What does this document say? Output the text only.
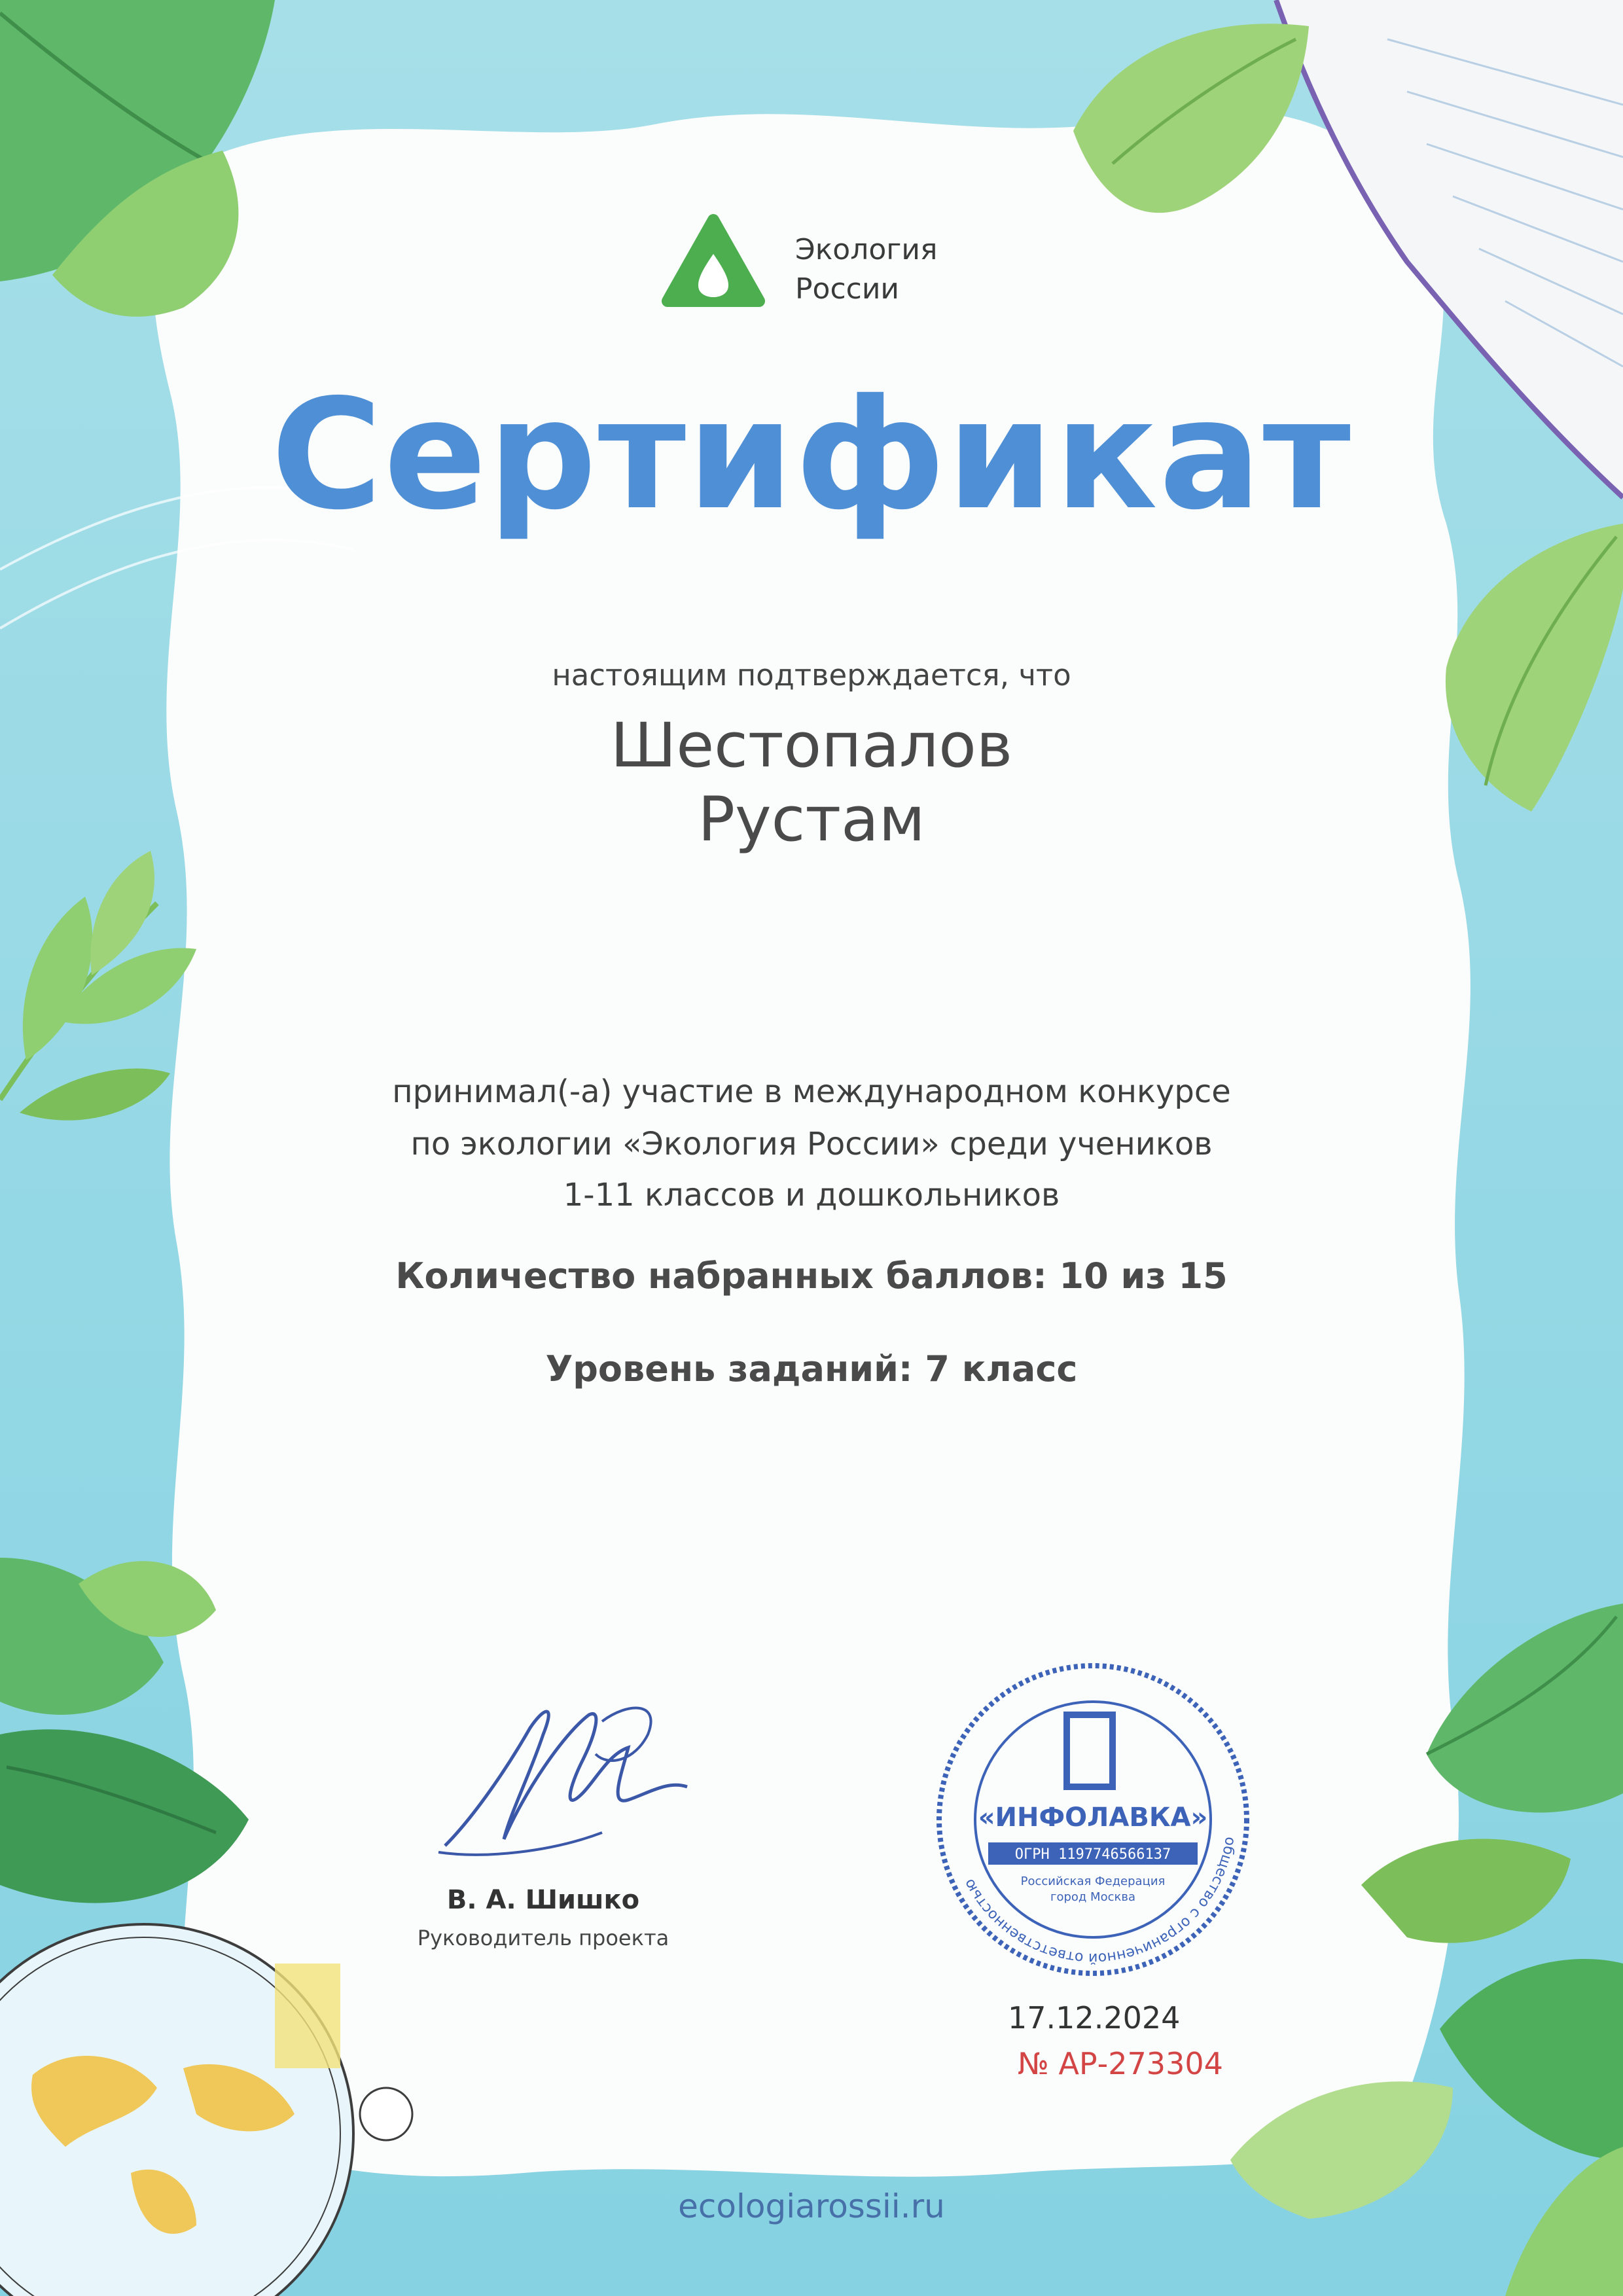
Экология
России
Сертификат
настоящим подтверждается, что
Шестопалов
Рустам
принимал(-а) участие в международном конкурсе
по экологии «Экология России» среди учеников
1-11 классов и дошкольников
Количество набранных баллов: 10 из 15
Уровень заданий: 7 класс
В. А. Шишко
Руководитель проекта
общество с ограниченной ответственностью
«ИНФОЛАВКА»
ОГРН 1197746566137
Российская Федерация
город Москва
17.12.2024
№ АР-273304
ecologiarossii.ru
